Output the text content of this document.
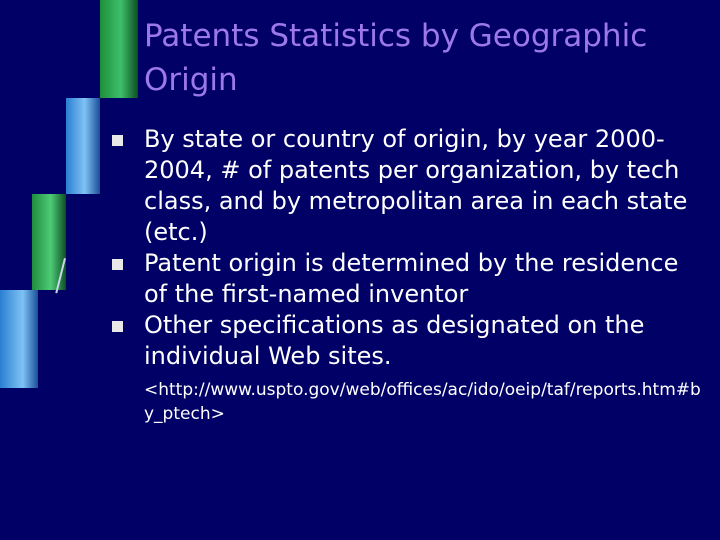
Patents Statistics by Geographic Origin
By state or country of origin, by year 2000-2004, # of patents per organization, by tech class, and by metropolitan area in each state (etc.)
Patent origin is determined by the residence of the first-named inventor
Other specifications as designated on the individual Web sites.
<http://www.uspto.gov/web/offices/ac/ido/oeip/taf/reports.htm#by_ptech>
